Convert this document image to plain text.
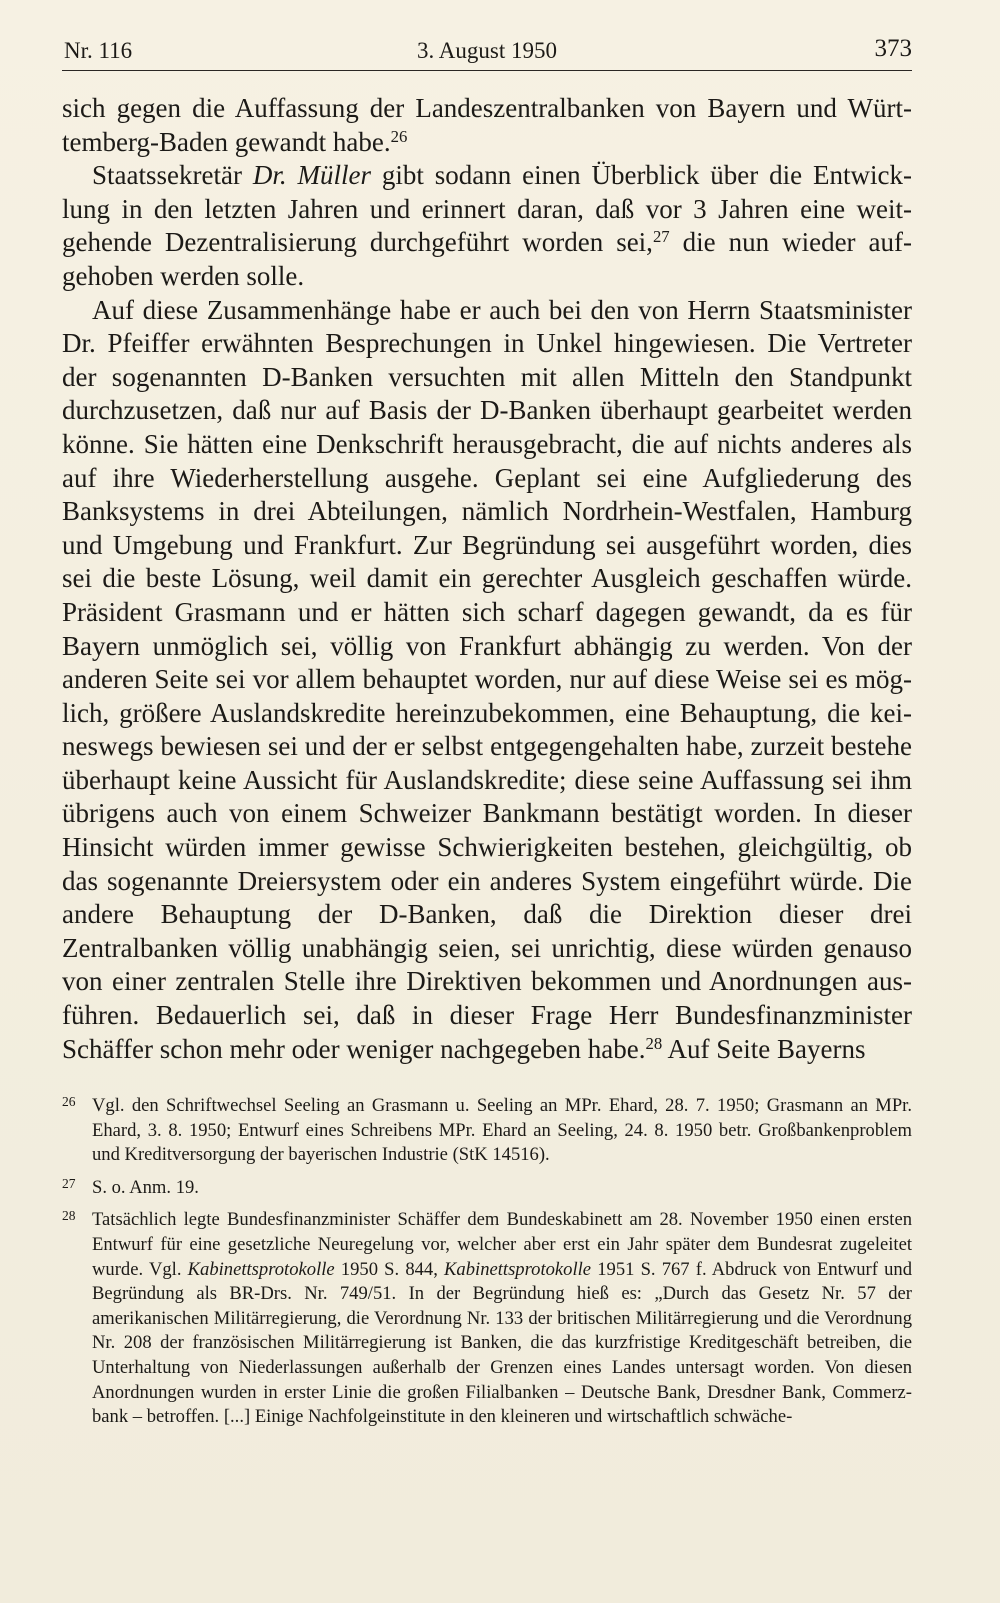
Nr. 116	3. August 1950	373

sich gegen die Auffassung der Landeszentralbanken von Bayern und Württemberg-Baden gewandt habe.$^{26}$

Staatssekretär Dr. Müller gibt sodann einen Überblick über die Entwicklung in den letzten Jahren und erinnert daran, daß vor 3 Jahren eine weitgehende Dezentralisierung durchgeführt worden sei,$^{27}$ die nun wieder aufgehoben werden solle.

Auf diese Zusammenhänge habe er auch bei den von Herrn Staatsminister Dr. Pfeiffer erwähnten Besprechungen in Unkel hingewiesen. Die Vertreter der sogenannten D-Banken versuchten mit allen Mitteln den Standpunkt durchzusetzen, daß nur auf Basis der D-Banken überhaupt gearbeitet werden könne. Sie hätten eine Denkschrift herausgebracht, die auf nichts anderes als auf ihre Wiederherstellung ausgehe. Geplant sei eine Aufgliederung des Banksystems in drei Abteilungen, nämlich Nordrhein-Westfalen, Hamburg und Umgebung und Frankfurt. Zur Begründung sei ausgeführt worden, dies sei die beste Lösung, weil damit ein gerechter Ausgleich geschaffen würde. Präsident Grasmann und er hätten sich scharf dagegen gewandt, da es für Bayern unmöglich sei, völlig von Frankfurt abhängig zu werden. Von der anderen Seite sei vor allem behauptet worden, nur auf diese Weise sei es möglich, größere Auslandskredite hereinzubekommen, eine Behauptung, die keineswegs bewiesen sei und der er selbst entgegengehalten habe, zurzeit bestehe überhaupt keine Aussicht für Auslandskredite; diese seine Auffassung sei ihm übrigens auch von einem Schweizer Bankmann bestätigt worden. In dieser Hinsicht würden immer gewisse Schwierigkeiten bestehen, gleichgültig, ob das sogenannte Dreiersystem oder ein anderes System eingeführt würde. Die andere Behauptung der D-Banken, daß die Direktion dieser drei Zentralbanken völlig unabhängig seien, sei unrichtig, diese würden genauso von einer zentralen Stelle ihre Direktiven bekommen und Anordnungen ausführen. Bedauerlich sei, daß in dieser Frage Herr Bundesfinanzminister Schäffer schon mehr oder weniger nachgegeben habe.$^{28}$ Auf Seite Bayerns

26 Vgl. den Schriftwechsel Seeling an Grasmann u. Seeling an MPr. Ehard, 28. 7. 1950; Grasmann an MPr. Ehard, 3. 8. 1950; Entwurf eines Schreibens MPr. Ehard an Seeling, 24. 8. 1950 betr. Großbankenproblem und Kreditversorgung der bayerischen Industrie (StK 14516).
27 S. o. Anm. 19.
28 Tatsächlich legte Bundesfinanzminister Schäffer dem Bundeskabinett am 28. November 1950 einen ersten Entwurf für eine gesetzliche Neuregelung vor, welcher aber erst ein Jahr später dem Bundesrat zugeleitet wurde. Vgl. Kabinettsprotokolle 1950 S. 844, Kabinettsprotokolle 1951 S. 767 f. Abdruck von Entwurf und Begründung als BR-Drs. Nr. 749/51. In der Begründung hieß es: „Durch das Gesetz Nr. 57 der amerikanischen Militärregierung, die Verordnung Nr. 133 der britischen Militärregierung und die Verordnung Nr. 208 der französischen Militärregierung ist Banken, die das kurzfristige Kreditgeschäft betreiben, die Unterhaltung von Niederlassungen außerhalb der Grenzen eines Landes untersagt worden. Von diesen Anordnungen wurden in erster Linie die großen Filialbanken – Deutsche Bank, Dresdner Bank, Commerzbank – betroffen. [...] Einige Nachfolgeinstitute in den kleineren und wirtschaftlich schwäche-
